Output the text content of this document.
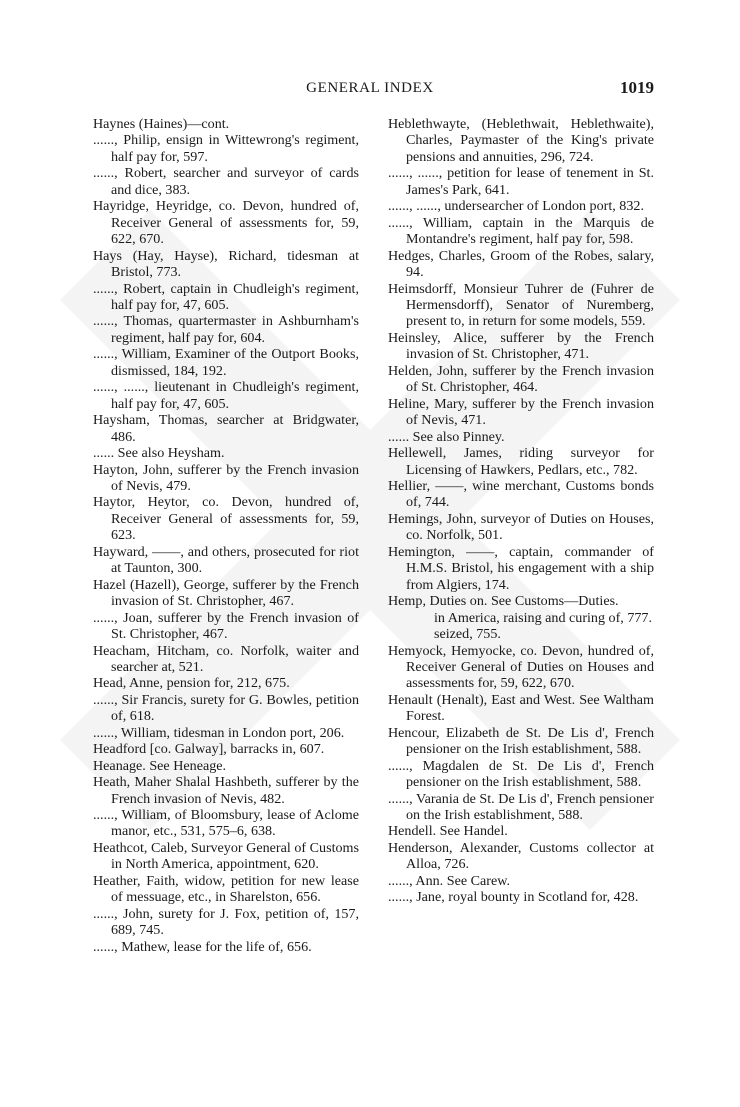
GENERAL INDEX	1019

Haynes (Haines)—cont.

......, Philip, ensign in Wittewrong's regiment, half pay for, 597.

......, Robert, searcher and surveyor of cards and dice, 383.

Hayridge, Heyridge, co. Devon, hundred of, Receiver General of assessments for, 59, 622, 670.

Hays (Hay, Hayse), Richard, tidesman at Bristol, 773.

......, Robert, captain in Chudleigh's regiment, half pay for, 47, 605.

......, Thomas, quartermaster in Ashburnham's regiment, half pay for, 604.

......, William, Examiner of the Outport Books, dismissed, 184, 192.

......, ......, lieutenant in Chudleigh's regiment, half pay for, 47, 605.

Haysham, Thomas, searcher at Bridgwater, 486.

...... See also Heysham.

Hayton, John, sufferer by the French invasion of Nevis, 479.

Haytor, Heytor, co. Devon, hundred of, Receiver General of assessments for, 59, 623.

Hayward, ——, and others, prosecuted for riot at Taunton, 300.

Hazel (Hazell), George, sufferer by the French invasion of St. Christopher, 467.

......, Joan, sufferer by the French invasion of St. Christopher, 467.

Heacham, Hitcham, co. Norfolk, waiter and searcher at, 521.

Head, Anne, pension for, 212, 675.

......, Sir Francis, surety for G. Bowles, petition of, 618.

......, William, tidesman in London port, 206.

Headford [co. Galway], barracks in, 607.

Heanage. See Heneage.

Heath, Maher Shalal Hashbeth, sufferer by the French invasion of Nevis, 482.

......, William, of Bloomsbury, lease of Aclome manor, etc., 531, 575–6, 638.

Heathcot, Caleb, Surveyor General of Customs in North America, appointment, 620.

Heather, Faith, widow, petition for new lease of messuage, etc., in Sharelston, 656.

......, John, surety for J. Fox, petition of, 157, 689, 745.

......, Mathew, lease for the life of, 656.

Heblethwayte, (Heblethwait, Heblethwaite), Charles, Paymaster of the King's private pensions and annuities, 296, 724.

......, ......, petition for lease of tenement in St. James's Park, 641.

......, ......, undersearcher of London port, 832.

......, William, captain in the Marquis de Montandre's regiment, half pay for, 598.

Hedges, Charles, Groom of the Robes, salary, 94.

Heimsdorff, Monsieur Tuhrer de (Fuhrer de Hermensdorff), Senator of Nuremberg, present to, in return for some models, 559.

Heinsley, Alice, sufferer by the French invasion of St. Christopher, 471.

Helden, John, sufferer by the French invasion of St. Christopher, 464.

Heline, Mary, sufferer by the French invasion of Nevis, 471.

...... See also Pinney.

Hellewell, James, riding surveyor for Licensing of Hawkers, Pedlars, etc., 782.

Hellier, ——, wine merchant, Customs bonds of, 744.

Hemings, John, surveyor of Duties on Houses, co. Norfolk, 501.

Hemington, ——, captain, commander of H.M.S. Bristol, his engagement with a ship from Algiers, 174.

Hemp, Duties on. See Customs—Duties.

in America, raising and curing of, 777.

seized, 755.

Hemyock, Hemyocke, co. Devon, hundred of, Receiver General of Duties on Houses and assessments for, 59, 622, 670.

Henault (Henalt), East and West. See Waltham Forest.

Hencour, Elizabeth de St. De Lis d', French pensioner on the Irish establishment, 588.

......, Magdalen de St. De Lis d', French pensioner on the Irish establishment, 588.

......, Varania de St. De Lis d', French pensioner on the Irish establishment, 588.

Hendell. See Handel.

Henderson, Alexander, Customs collector at Alloa, 726.

......, Ann. See Carew.

......, Jane, royal bounty in Scotland for, 428.
